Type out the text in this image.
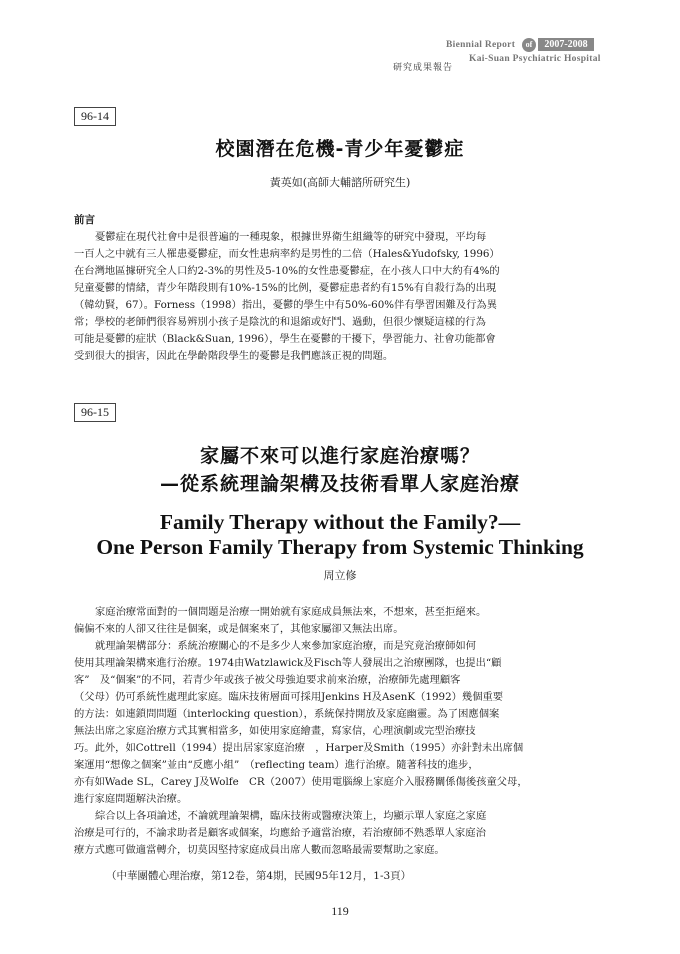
Biennial Report	of	2007-2008
Kai-Suan Psychiatric Hospital
研究成果報告
96-14
校園潛在危機-青少年憂鬱症
黃英如(高師大輔諮所研究生)
前言
憂鬱症在現代社會中是很普遍的一種現象，根據世界衛生組織等的研究中發現，平均每
一百人之中就有三人罹患憂鬱症，而女性患病率約是男性的二倍（Hales&Yudofsky, 1996）
在台灣地區據研究全人口約2-3%的男性及5-10%的女性患憂鬱症，在小孩人口中大約有4%的
兒童憂鬱的情緒，青少年階段則有10%-15%的比例，憂鬱症患者約有15%有自殺行為的出現
（韓幼賢，67）。Forness（1998）指出，憂鬱的學生中有50%-60%伴有學習困難及行為異
常；學校的老師們很容易辨別小孩子是陰沈的和退縮或好鬥、過動，但很少懷疑這樣的行為
可能是憂鬱的症狀（Black&Suan, 1996），學生在憂鬱的干擾下，學習能力、社會功能都會
受到很大的損害，因此在學齡階段學生的憂鬱是我們應該正視的問題。
96-15
家屬不來可以進行家庭治療嗎？
—從系統理論架構及技術看單人家庭治療
Family Therapy without the Family?—
One Person Family Therapy from Systemic Thinking
周立修
家庭治療常面對的一個問題是治療一開始就有家庭成員無法來，不想來，甚至拒絕來。
偏偏不來的人卻又往往是個案，或是個案來了，其他家屬卻又無法出席。
就理論架構部分：系統治療關心的不是多少人來參加家庭治療，而是究竟治療師如何
使用其理論架構來進行治療。1974由Watzlawick及Fisch等人發展出之治療團隊，也提出“顧
客”　及“個案”的不同，若青少年或孩子被父母強迫要求前來治療，治療師先處理顧客
（父母）仍可系統性處理此家庭。臨床技術層面可採用Jenkins H及AsenK（1992）幾個重要
的方法：如連鎖問問題（interlocking question），系統保持開放及家庭幽靈。為了困應個案
無法出席之家庭治療方式其實相當多，如使用家庭繪畫，寫家信，心理演劇或完型治療技
巧。此外，如Cottrell（1994）提出居家家庭治療　，Harper及Smith（1995）亦針對未出席個
案運用“想像之個案”並由“反應小組”　（reflecting team）進行治療。隨著科技的進步，
亦有如Wade SL，Carey J及Wolfe　CR（2007）使用電腦線上家庭介入服務關係傷後孩童父母，
進行家庭問題解決治療。
綜合以上各項論述，不論就理論架構，臨床技術或醫療決策上，均顯示單人家庭之家庭
治療是可行的，不論求助者是顧客或個案，均應給予適當治療，若治療師不熟悉單人家庭治
療方式應可做適當轉介，切莫因堅持家庭成員出席人數而忽略最需要幫助之家庭。
（中華團體心理治療，第12卷，第4期，民國95年12月，1-3頁）
119
